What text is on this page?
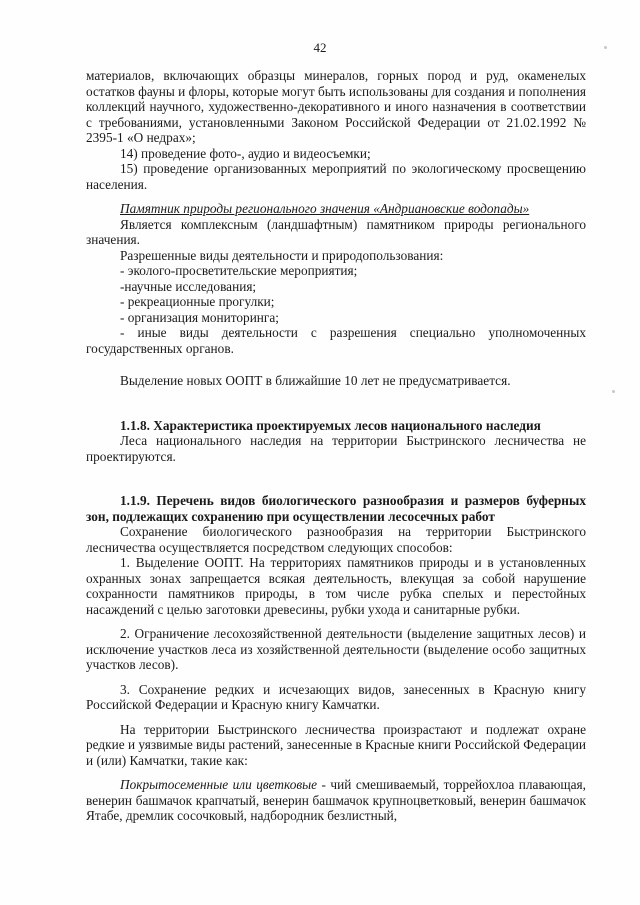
42

материалов, включающих образцы минералов, горных пород и руд, окаменелых остатков фауны и флоры, которые могут быть использованы для создания и пополнения коллекций научного, художественно-декоративного и иного назначения в соответствии с требованиями, установленными Законом Российской Федерации от 21.02.1992 № 2395-1 «О недрах»;

14) проведение фото-, аудио и видеосъемки;

15) проведение организованных мероприятий по экологическому просвещению населения.

Памятник природы регионального значения «Андриановские водопады»

Является комплексным (ландшафтным) памятником природы регионального значения.

Разрешенные виды деятельности и природопользования:

- эколого-просветительские мероприятия;

-научные исследования;

- рекреационные прогулки;

- организация мониторинга;

- иные виды деятельности с разрешения специально уполномоченных государственных органов.

Выделение новых ООПТ в ближайшие 10 лет не предусматривается.

1.1.8. Характеристика проектируемых лесов национального наследия

Леса национального наследия на территории Быстринского лесничества не проектируются.

1.1.9. Перечень видов биологического разнообразия и размеров буферных зон, подлежащих сохранению при осуществлении лесосечных работ

Сохранение биологического разнообразия на территории Быстринского лесничества осуществляется посредством следующих способов:

1. Выделение ООПТ. На территориях памятников природы и в установленных охранных зонах запрещается всякая деятельность, влекущая за собой нарушение сохранности памятников природы, в том числе рубка спелых и перестойных насаждений с целью заготовки древесины, рубки ухода и санитарные рубки.

2. Ограничение лесохозяйственной деятельности (выделение защитных лесов) и исключение участков леса из хозяйственной деятельности (выделение особо защитных участков лесов).

3. Сохранение редких и исчезающих видов, занесенных в Красную книгу Российской Федерации и Красную книгу Камчатки.

На территории Быстринского лесничества произрастают и подлежат охране редкие и уязвимые виды растений, занесенные в Красные книги Российской Федерации и (или) Камчатки, такие как:

Покрытосеменные или цветковые - чий смешиваемый, торрейохлоа плавающая, венерин башмачок крапчатый, венерин башмачок крупноцветковый, венерин башмачок Ятабе, дремлик сосочковый, надбородник безлистный,
